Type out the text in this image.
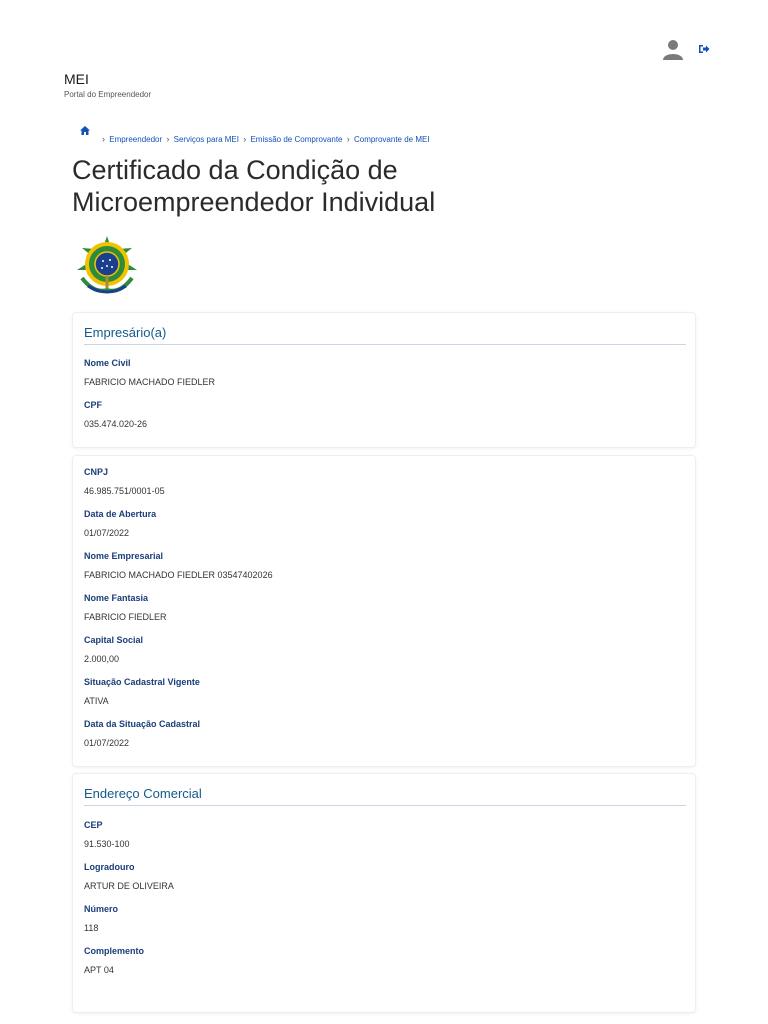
MEI
Portal do Empreendedor
› Empreendedor › Serviços para MEI › Emissão de Comprovante › Comprovante de MEI
Certificado da Condição de
Microempreendedor Individual
Empresário(a)
Nome Civil
FABRICIO MACHADO FIEDLER
CPF
035.474.020-26
CNPJ
46.985.751/0001-05
Data de Abertura
01/07/2022
Nome Empresarial
FABRICIO MACHADO FIEDLER 03547402026
Nome Fantasia
FABRICIO FIEDLER
Capital Social
2.000,00
Situação Cadastral Vigente
ATIVA
Data da Situação Cadastral
01/07/2022
Endereço Comercial
CEP
91.530-100
Logradouro
ARTUR DE OLIVEIRA
Número
118
Complemento
APT 04
